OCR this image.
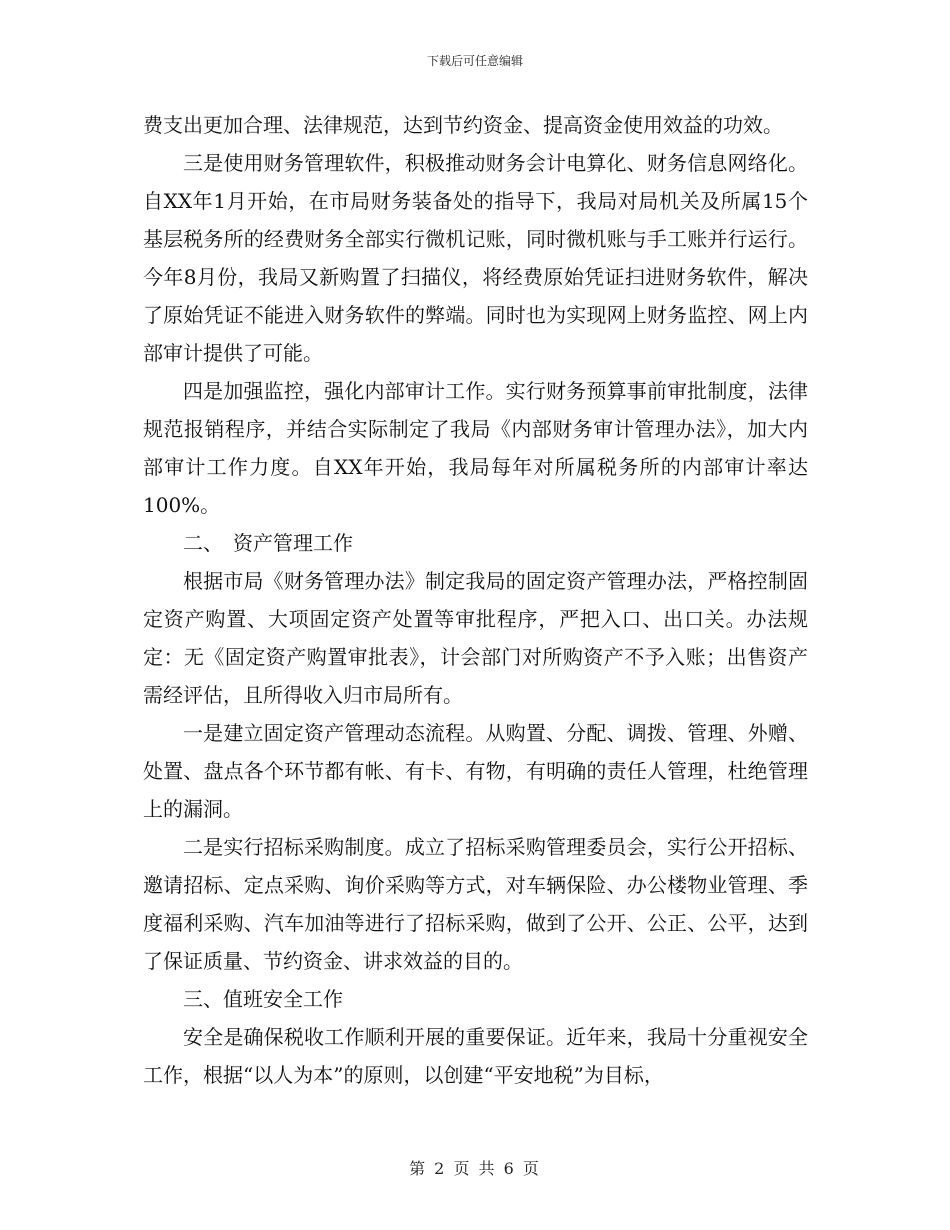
下载后可任意编辑

费支出更加合理、法律规范，达到节约资金、提高资金使用效益的功效。

三是使用财务管理软件，积极推动财务会计电算化、财务信息网络化。自XX年1月开始，在市局财务装备处的指导下，我局对局机关及所属15个基层税务所的经费财务全部实行微机记账，同时微机账与手工账并行运行。今年8月份，我局又新购置了扫描仪，将经费原始凭证扫进财务软件，解决了原始凭证不能进入财务软件的弊端。同时也为实现网上财务监控、网上内部审计提供了可能。

四是加强监控，强化内部审计工作。实行财务预算事前审批制度，法律规范报销程序，并结合实际制定了我局《内部财务审计管理办法》，加大内部审计工作力度。自XX年开始，我局每年对所属税务所的内部审计率达100%。

二、　资产管理工作

根据市局《财务管理办法》制定我局的固定资产管理办法，严格控制固定资产购置、大项固定资产处置等审批程序，严把入口、出口关。办法规定：无《固定资产购置审批表》，计会部门对所购资产不予入账；出售资产需经评估，且所得收入归市局所有。

一是建立固定资产管理动态流程。从购置、分配、调拨、管理、外赠、处置、盘点各个环节都有帐、有卡、有物，有明确的责任人管理，杜绝管理上的漏洞。

二是实行招标采购制度。成立了招标采购管理委员会，实行公开招标、邀请招标、定点采购、询价采购等方式，对车辆保险、办公楼物业管理、季度福利采购、汽车加油等进行了招标采购，做到了公开、公正、公平，达到了保证质量、节约资金、讲求效益的目的。

三、值班安全工作

安全是确保税收工作顺利开展的重要保证。近年来，我局十分重视安全工作，根据“以人为本”的原则，以创建“平安地税”为目标，

第 2 页 共 6 页
